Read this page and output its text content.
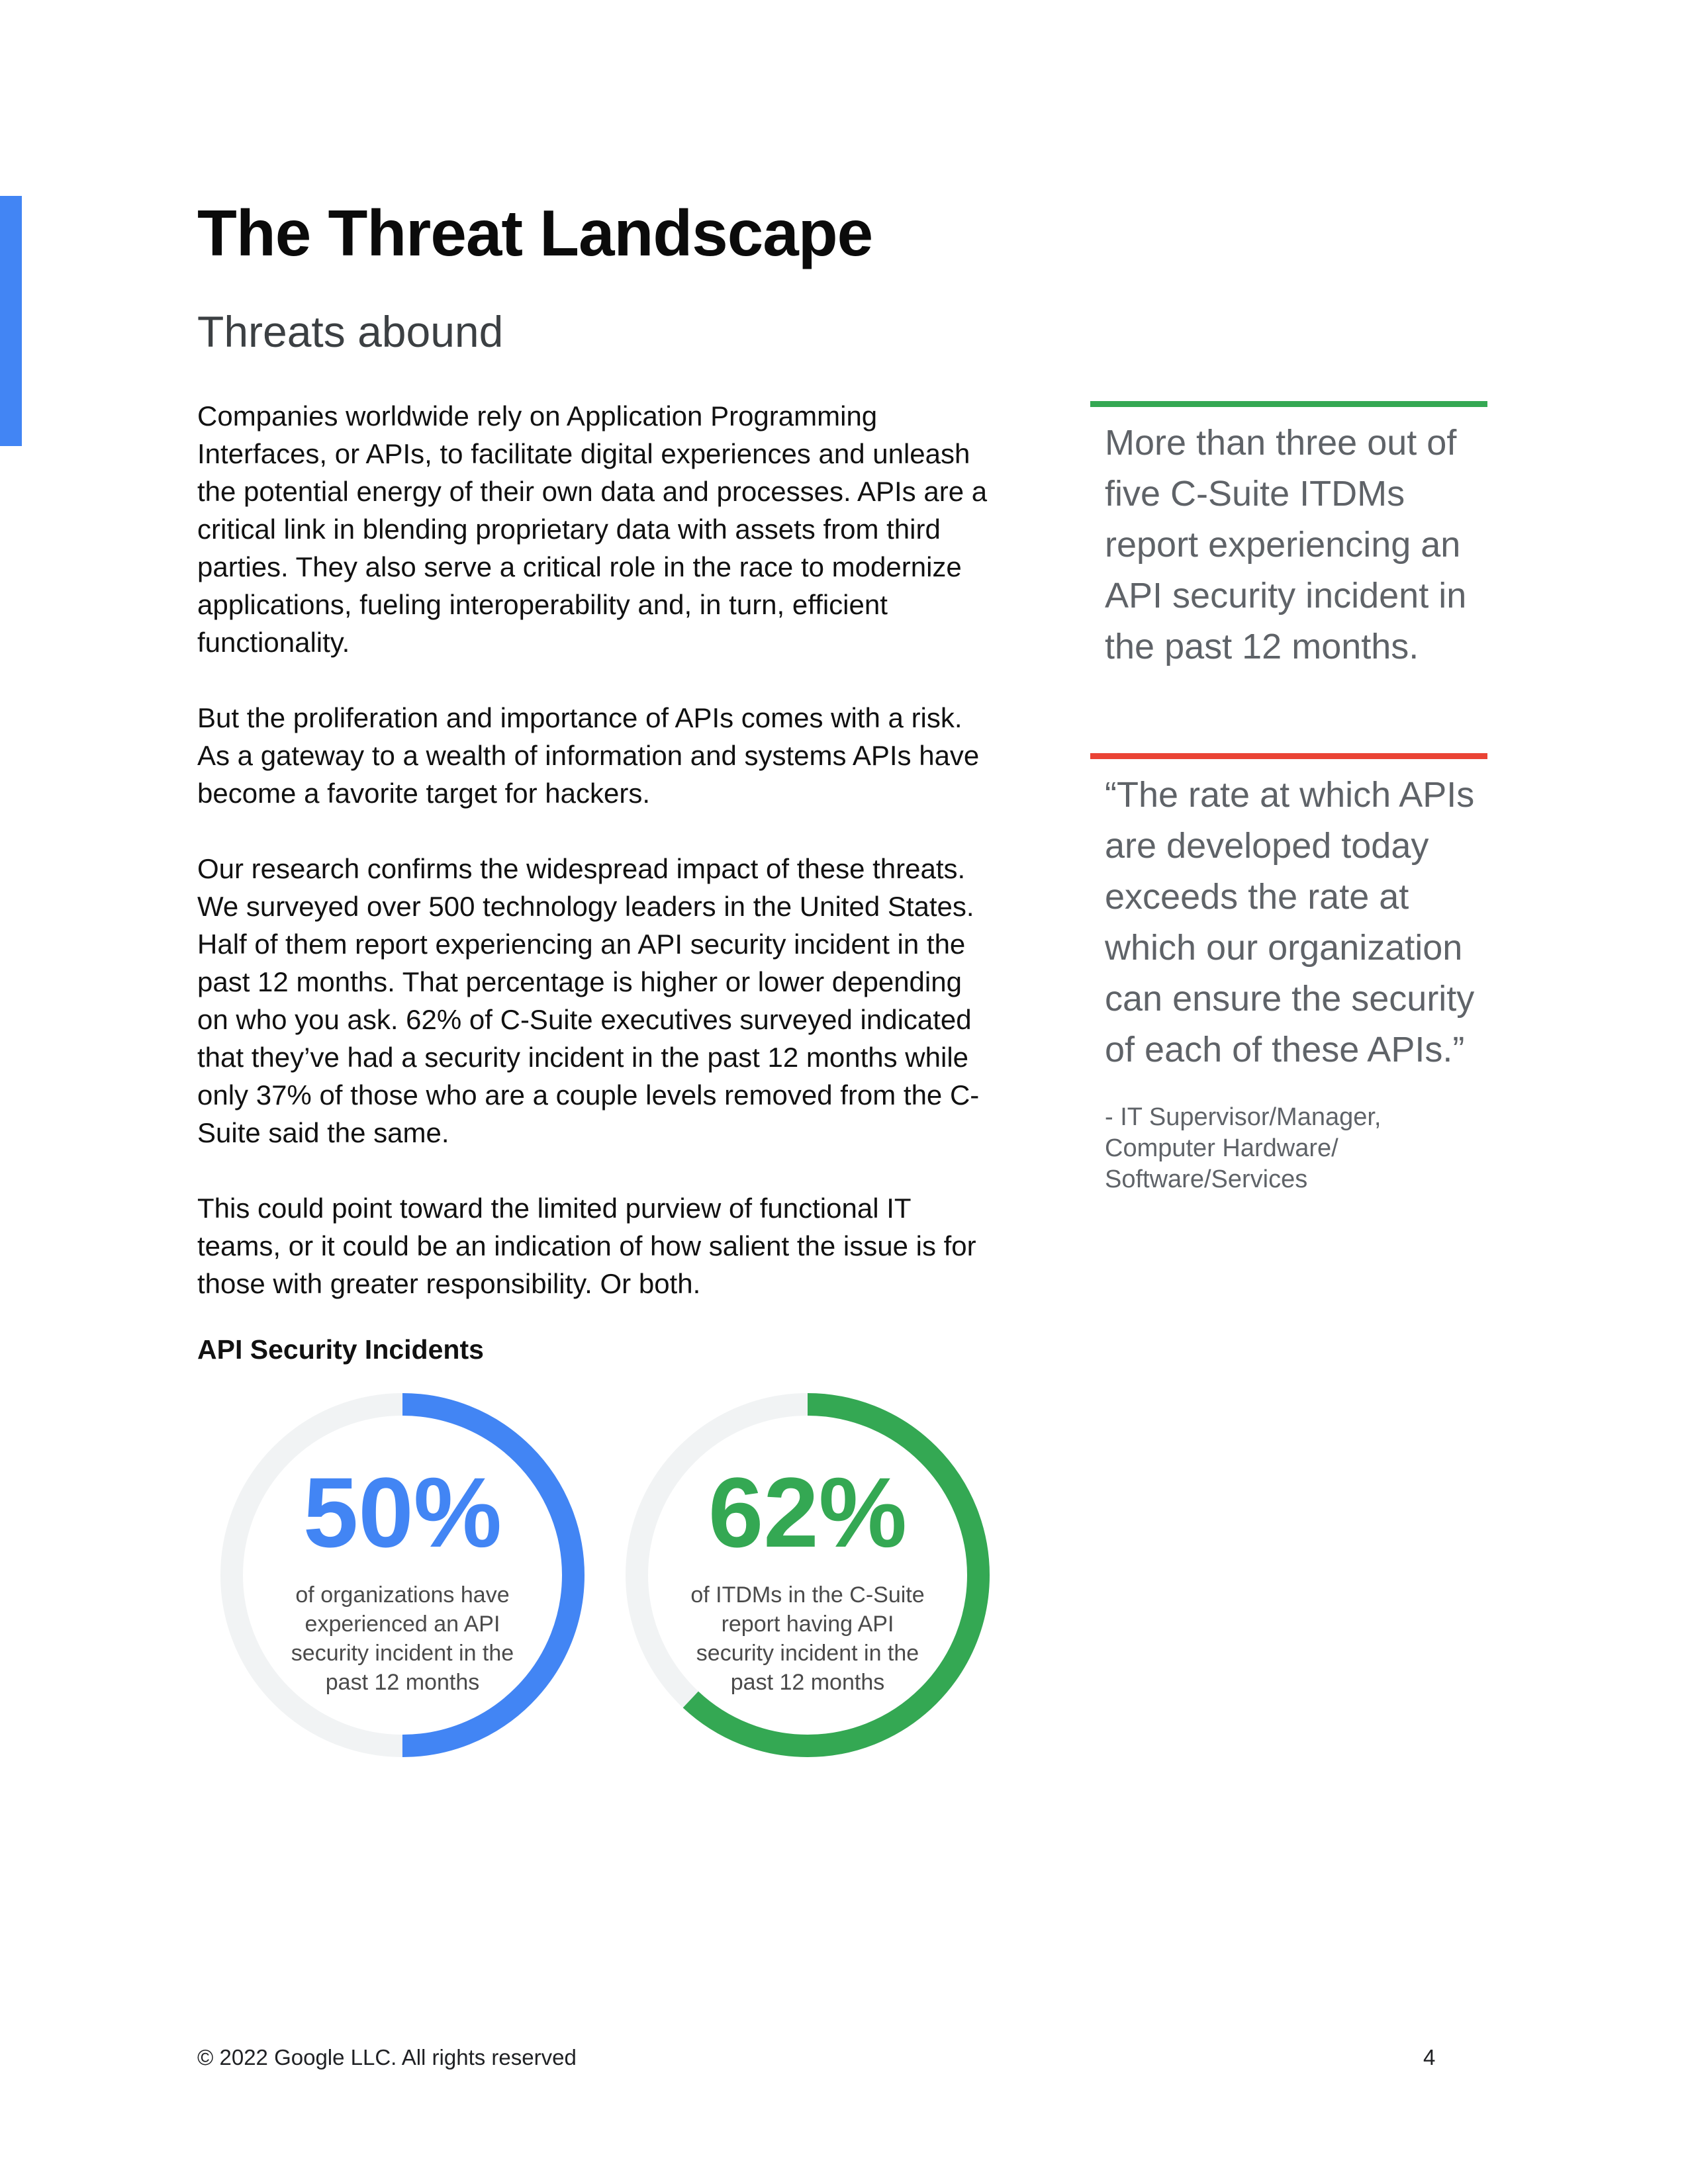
The Threat Landscape
Threats abound

Companies worldwide rely on Application Programming Interfaces, or APIs, to facilitate digital experiences and unleash the potential energy of their own data and processes. APIs are a critical link in blending proprietary data with assets from third parties. They also serve a critical role in the race to modernize applications, fueling interoperability and, in turn, efficient functionality.

But the proliferation and importance of APIs comes with a risk. As a gateway to a wealth of information and systems APIs have become a favorite target for hackers.

Our research confirms the widespread impact of these threats. We surveyed over 500 technology leaders in the United States. Half of them report experiencing an API security incident in the past 12 months. That percentage is higher or lower depending on who you ask. 62% of C-Suite executives surveyed indicated that they’ve had a security incident in the past 12 months while only 37% of those who are a couple levels removed from the C-Suite said the same.

This could point toward the limited purview of functional IT teams, or it could be an indication of how salient the issue is for those with greater responsibility. Or both.

API Security Incidents
50%
of organizations have experienced an API security incident in the past 12 months
62%
of ITDMs in the C-Suite report having API security incident in the past 12 months

More than three out of five C-Suite ITDMs report experiencing an API security incident in the past 12 months.

“The rate at which APIs are developed today exceeds the rate at which our organization can ensure the security of each of these APIs.”

- IT Supervisor/Manager, Computer Hardware/ Software/Services

© 2022 Google LLC. All rights reserved	4
